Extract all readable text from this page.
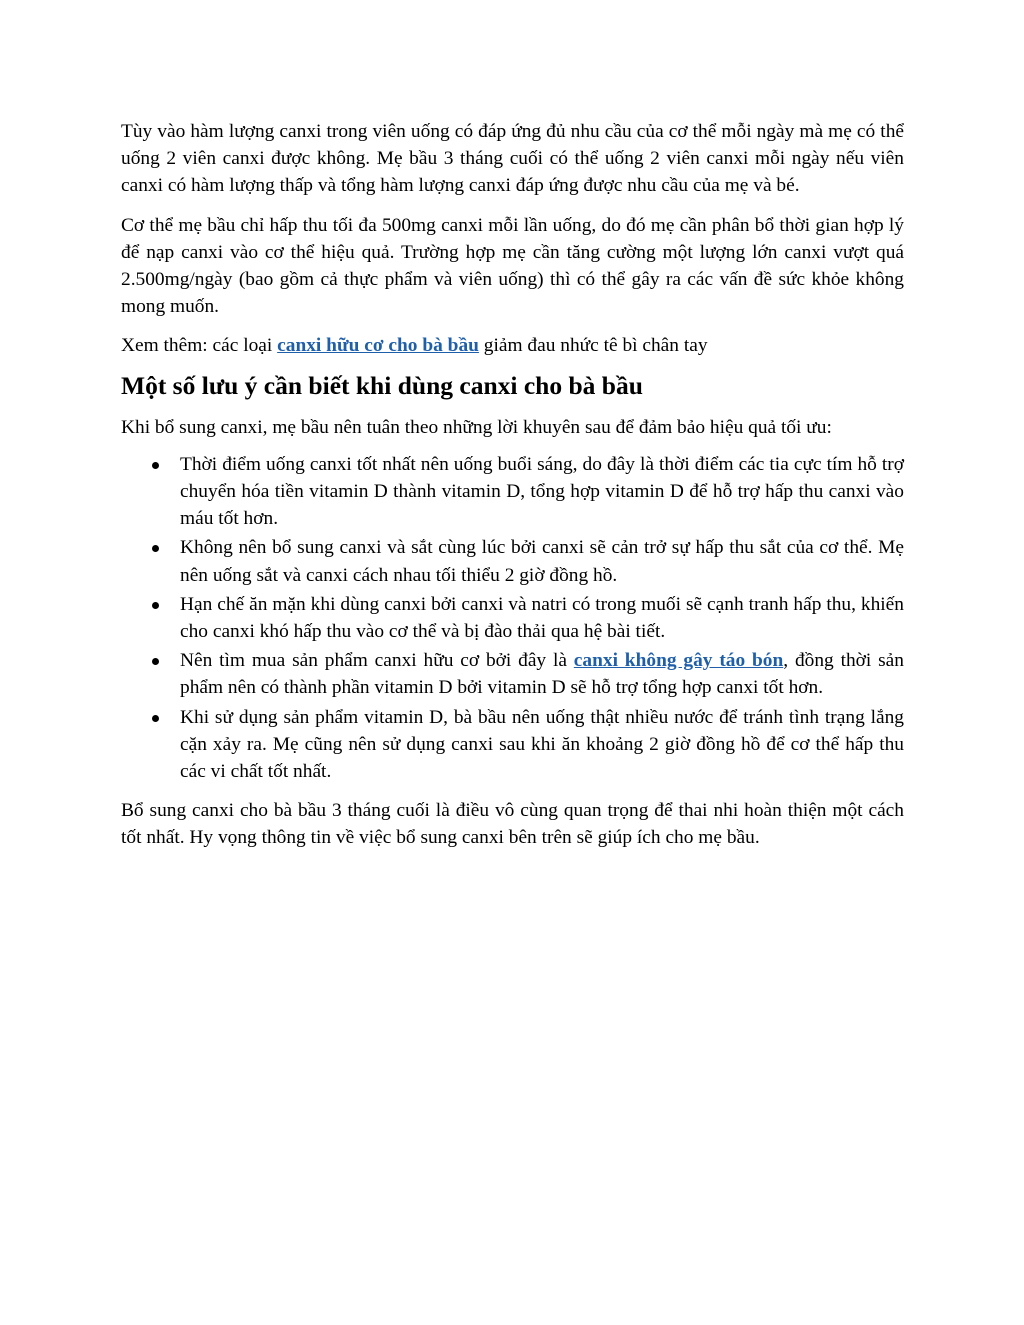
Tùy vào hàm lượng canxi trong viên uống có đáp ứng đủ nhu cầu của cơ thể mỗi ngày mà mẹ có thể uống 2 viên canxi được không. Mẹ bầu 3 tháng cuối có thể uống 2 viên canxi mỗi ngày nếu viên canxi có hàm lượng thấp và tổng hàm lượng canxi đáp ứng được nhu cầu của mẹ và bé.

Cơ thể mẹ bầu chỉ hấp thu tối đa 500mg canxi mỗi lần uống, do đó mẹ cần phân bổ thời gian hợp lý để nạp canxi vào cơ thể hiệu quả. Trường hợp mẹ cần tăng cường một lượng lớn canxi vượt quá 2.500mg/ngày (bao gồm cả thực phẩm và viên uống) thì có thể gây ra các vấn đề sức khỏe không mong muốn.

Xem thêm: các loại canxi hữu cơ cho bà bầu giảm đau nhức tê bì chân tay

Một số lưu ý cần biết khi dùng canxi cho bà bầu

Khi bổ sung canxi, mẹ bầu nên tuân theo những lời khuyên sau để đảm bảo hiệu quả tối ưu:

Thời điểm uống canxi tốt nhất nên uống buổi sáng, do đây là thời điểm các tia cực tím hỗ trợ chuyển hóa tiền vitamin D thành vitamin D, tổng hợp vitamin D để hỗ trợ hấp thu canxi vào máu tốt hơn.
Không nên bổ sung canxi và sắt cùng lúc bởi canxi sẽ cản trở sự hấp thu sắt của cơ thể. Mẹ nên uống sắt và canxi cách nhau tối thiểu 2 giờ đồng hồ.
Hạn chế ăn mặn khi dùng canxi bởi canxi và natri có trong muối sẽ cạnh tranh hấp thu, khiến cho canxi khó hấp thu vào cơ thể và bị đào thải qua hệ bài tiết.
Nên tìm mua sản phẩm canxi hữu cơ bởi đây là canxi không gây táo bón, đồng thời sản phẩm nên có thành phần vitamin D bởi vitamin D sẽ hỗ trợ tổng hợp canxi tốt hơn.
Khi sử dụng sản phẩm vitamin D, bà bầu nên uống thật nhiều nước để tránh tình trạng lắng cặn xảy ra. Mẹ cũng nên sử dụng canxi sau khi ăn khoảng 2 giờ đồng hồ để cơ thể hấp thu các vi chất tốt nhất.

Bổ sung canxi cho bà bầu 3 tháng cuối là điều vô cùng quan trọng để thai nhi hoàn thiện một cách tốt nhất. Hy vọng thông tin về việc bổ sung canxi bên trên sẽ giúp ích cho mẹ bầu.
